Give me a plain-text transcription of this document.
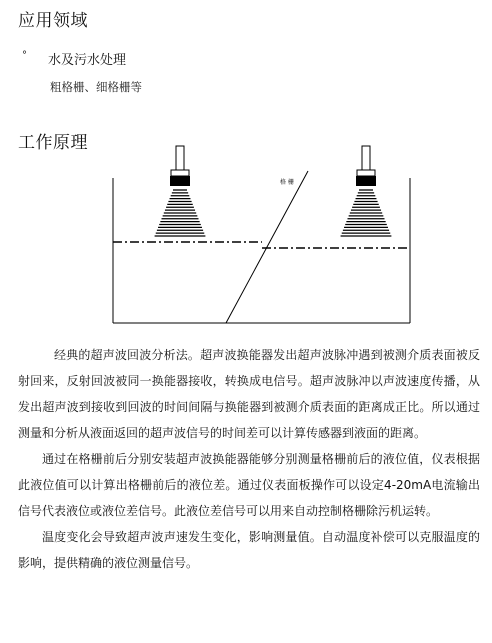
应用领域
° 水及污水处理
粗格栅、细格栅等
工作原理
格 栅

经典的超声波回波分析法。超声波换能器发出超声波脉冲遇到被测介质表面被反射回来，反射回波被同一换能器接收，转换成电信号。超声波脉冲以声波速度传播，从发出超声波到接收到回波的时间间隔与换能器到被测介质表面的距离成正比。所以通过测量和分析从液面返回的超声波信号的时间差可以计算传感器到液面的距离。

通过在格栅前后分别安装超声波换能器能够分别测量格栅前后的液位值，仪表根据此液位值可以计算出格栅前后的液位差。通过仪表面板操作可以设定4-20mA电流输出信号代表液位或液位差信号。此液位差信号可以用来自动控制格栅除污机运转。

温度变化会导致超声波声速发生变化，影响测量值。自动温度补偿可以克服温度的影响，提供精确的液位测量信号。
